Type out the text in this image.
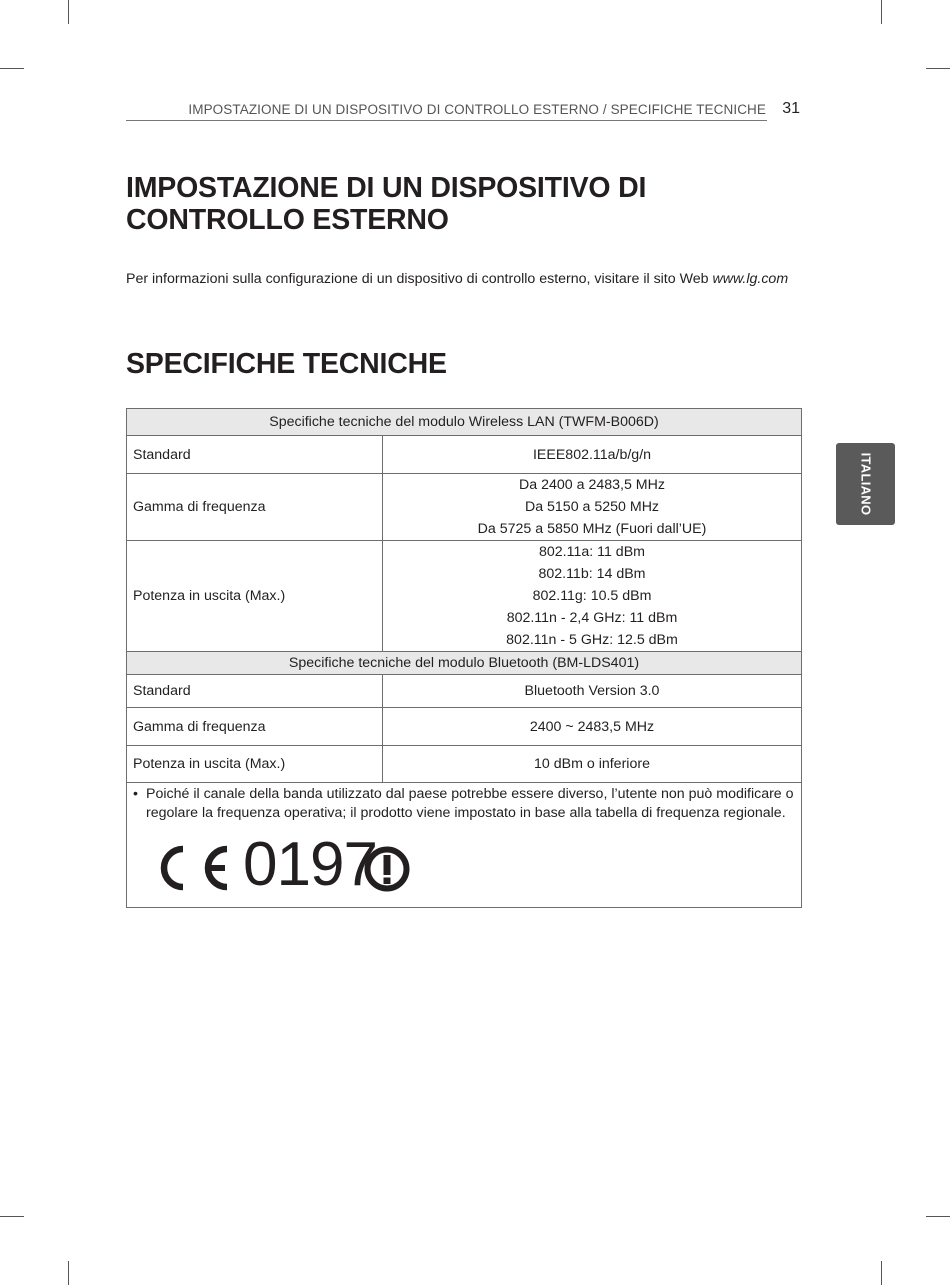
IMPOSTAZIONE DI UN DISPOSITIVO DI CONTROLLO ESTERNO / SPECIFICHE TECNICHE 31
IMPOSTAZIONE DI UN DISPOSITIVO DI
CONTROLLO ESTERNO
Per informazioni sulla configurazione di un dispositivo di controllo esterno, visitare il sito Web www.lg.com
SPECIFICHE TECNICHE
ITALIANO
Specifiche tecniche del modulo Wireless LAN (TWFM-B006D)	
Standard	IEEE802.11a/b/g/n

Gamma di frequenza	Da 2400 a 2483,5 MHz
Da 5150 a 5250 MHz
Da 5725 a 5850 MHz (Fuori dall’UE)

Potenza in uscita (Max.)	802.11a: 11 dBm
802.11b: 14 dBm
802.11g: 10.5 dBm
802.11n - 2,4 GHz: 11 dBm
802.11n - 5 GHz: 12.5 dBm

Specifiche tecniche del modulo Bluetooth (BM-LDS401)	
Standard	Bluetooth Version 3.0

Gamma di frequenza	2400 ~ 2483,5 MHz

Potenza in uscita (Max.)	10 dBm o inferiore

• Poiché il canale della banda utilizzato dal paese potrebbe essere diverso, l’utente non può modificare o regolare la frequenza operativa; il prodotto viene impostato in base alla tabella di frequenza regionale.
0197	
